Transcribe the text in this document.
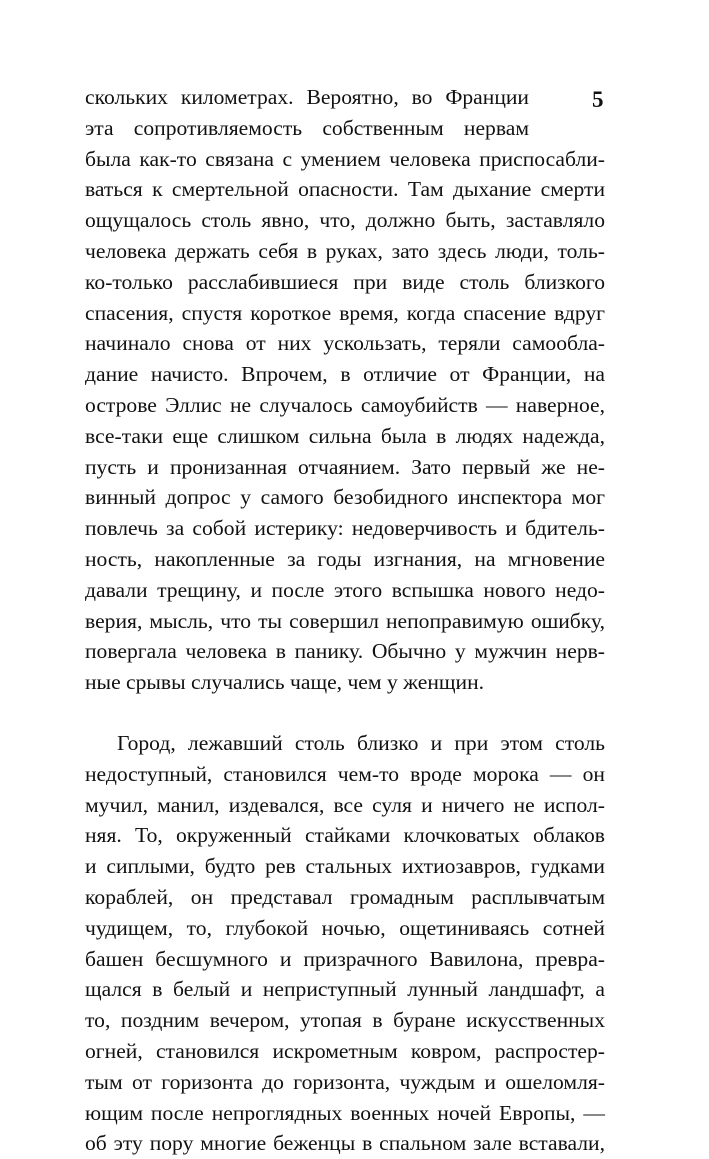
5
скольких километрах. Вероятно, во Франции
эта сопротивляемость собственным нервам
была как-то связана с умением человека приспосабли-
ваться к смертельной опасности. Там дыхание смерти
ощущалось столь явно, что, должно быть, заставляло
человека держать себя в руках, зато здесь люди, толь-
ко-только расслабившиеся при виде столь близкого
спасения, спустя короткое время, когда спасение вдруг
начинало снова от них ускользать, теряли самообла-
дание начисто. Впрочем, в отличие от Франции, на
острове Эллис не случалось самоубийств — наверное,
все-таки еще слишком сильна была в людях надежда,
пусть и пронизанная отчаянием. Зато первый же не-
винный допрос у самого безобидного инспектора мог
повлечь за собой истерику: недоверчивость и бдитель-
ность, накопленные за годы изгнания, на мгновение
давали трещину, и после этого вспышка нового недо-
верия, мысль, что ты совершил непоправимую ошибку,
повергала человека в панику. Обычно у мужчин нерв-
ные срывы случались чаще, чем у женщин.
Город, лежавший столь близко и при этом столь
недоступный, становился чем-то вроде морока — он
мучил, манил, издевался, все суля и ничего не испол-
няя. То, окруженный стайками клочковатых облаков
и сиплыми, будто рев стальных ихтиозавров, гудками
кораблей, он представал громадным расплывчатым
чудищем, то, глубокой ночью, ощетиниваясь сотней
башен бесшумного и призрачного Вавилона, превра-
щался в белый и неприступный лунный ландшафт, а
то, поздним вечером, утопая в буране искусственных
огней, становился искрометным ковром, распростер-
тым от горизонта до горизонта, чуждым и ошеломля-
ющим после непроглядных военных ночей Европы, —
об эту пору многие беженцы в спальном зале вставали,
